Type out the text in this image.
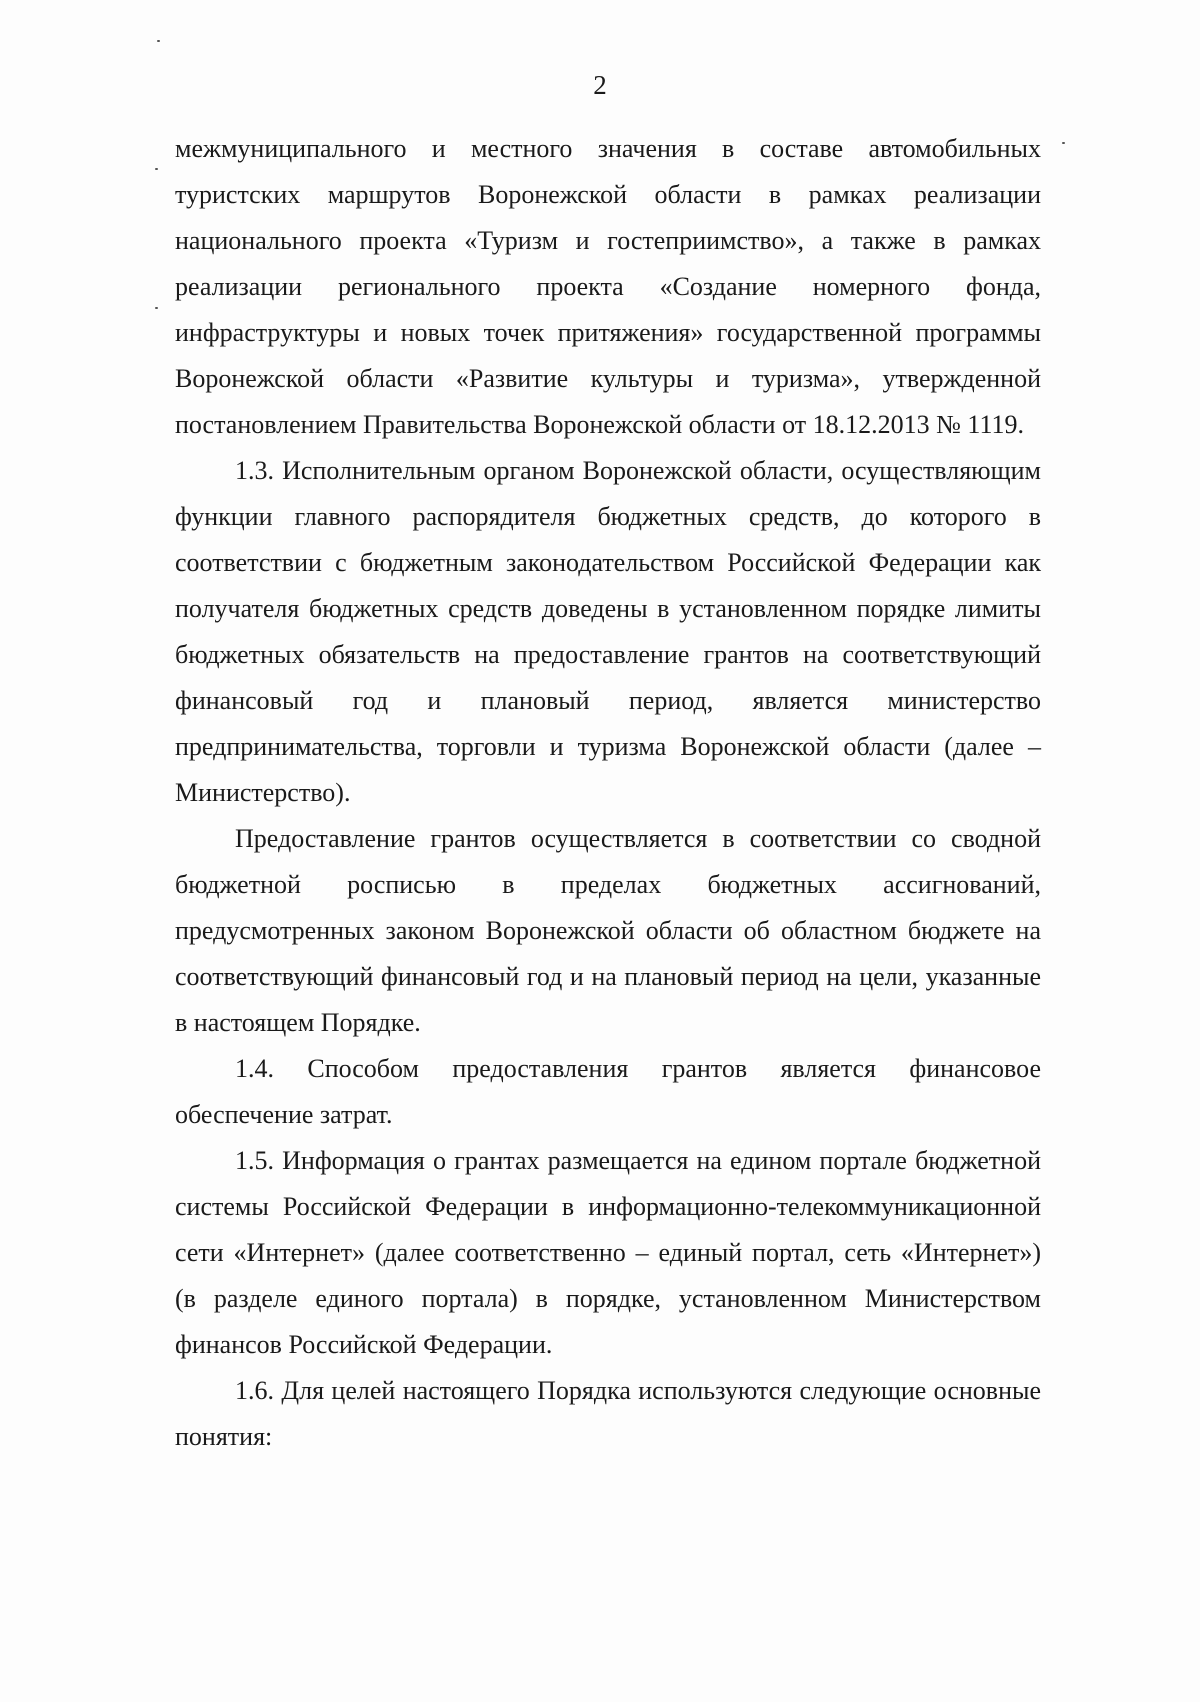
2

межмуниципального и местного значения в составе автомобильных туристских маршрутов Воронежской области в рамках реализации национального проекта «Туризм и гостеприимство», а также в рамках реализации регионального проекта «Создание номерного фонда, инфраструктуры и новых точек притяжения» государственной программы Воронежской области «Развитие культуры и туризма», утвержденной постановлением Правительства Воронежской области от 18.12.2013 № 1119.

1.3. Исполнительным органом Воронежской области, осуществляющим функции главного распорядителя бюджетных средств, до которого в соответствии с бюджетным законодательством Российской Федерации как получателя бюджетных средств доведены в установленном порядке лимиты бюджетных обязательств на предоставление грантов на соответствующий финансовый год и плановый период, является министерство предпринимательства, торговли и туризма Воронежской области (далее – Министерство).

Предоставление грантов осуществляется в соответствии со сводной бюджетной росписью в пределах бюджетных ассигнований, предусмотренных законом Воронежской области об областном бюджете на соответствующий финансовый год и на плановый период на цели, указанные в настоящем Порядке.

1.4. Способом предоставления грантов является финансовое обеспечение затрат.

1.5. Информация о грантах размещается на едином портале бюджетной системы Российской Федерации в информационно-телекоммуникационной сети «Интернет» (далее соответственно – единый портал, сеть «Интернет») (в разделе единого портала) в порядке, установленном Министерством финансов Российской Федерации.

1.6. Для целей настоящего Порядка используются следующие основные понятия:
